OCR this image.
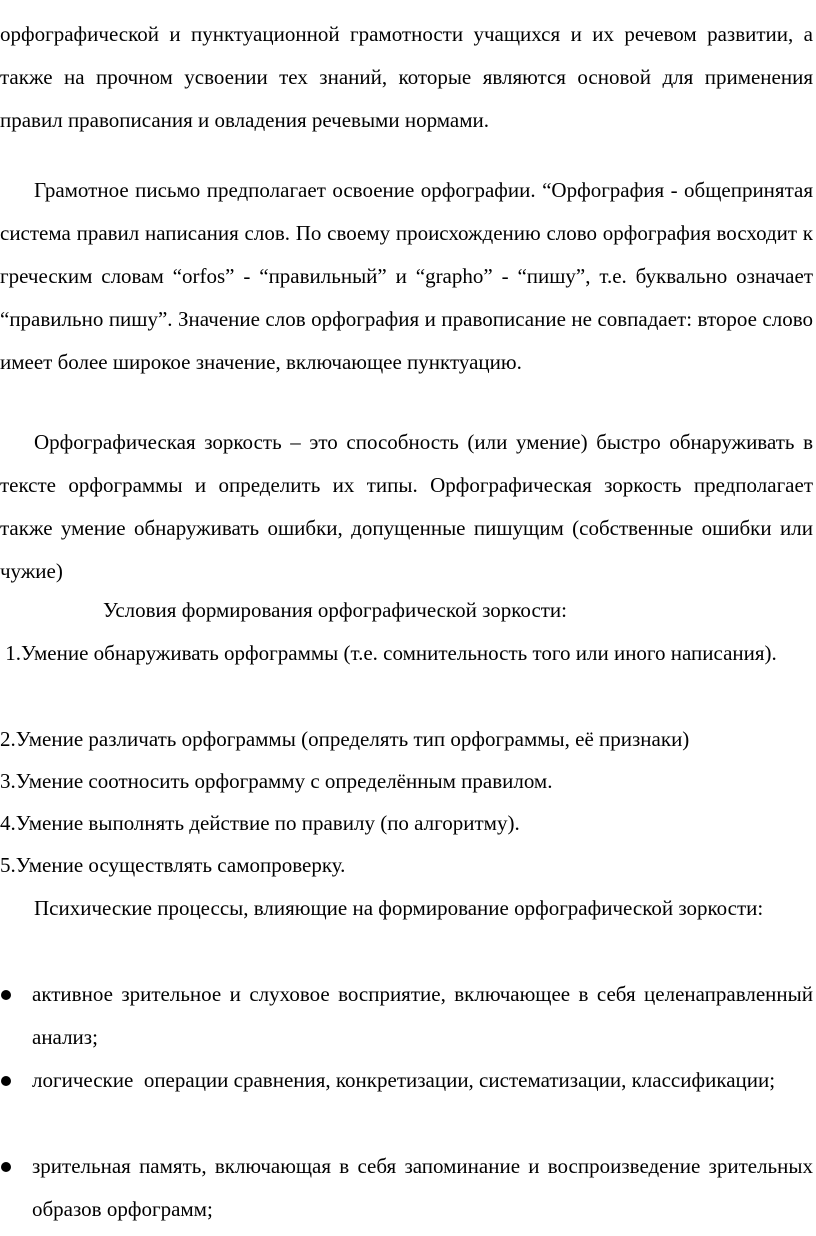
орфографической и пунктуационной грамотности учащихся и их речевом развитии, а также на прочном усвоении тех знаний, которые являются основой для применения правил правописания и овладения речевыми нормами.

Грамотное письмо предполагает освоение орфографии. “Орфография - общепринятая система правил написания слов. По своему происхождению слово орфография восходит к греческим словам “orfos” - “правильный” и “grapho” - “пишу”, т.е. буквально означает “правильно пишу”. Значение слов орфография и правописание не совпадает: второе слово имеет более широкое значение, включающее пунктуацию.

Орфографическая зоркость – это способность (или умение) быстро обнаруживать в тексте орфограммы и определить их типы. Орфографическая зоркость предполагает также умение обнаруживать ошибки, допущенные пишущим (собственные ошибки или чужие)

Условия формирования орфографической зоркости:

1.Умение обнаруживать орфограммы (т.е. сомнительность того или иного написания).

2.Умение различать орфограммы (определять тип орфограммы, её признаки)

3.Умение соотносить орфограмму с определённым правилом.

4.Умение выполнять действие по правилу (по алгоритму).

5.Умение осуществлять самопроверку.

Психические процессы, влияющие на формирование орфографической зоркости:

активное зрительное и слуховое восприятие, включающее в себя целенаправленный анализ;

логические  операции сравнения, конкретизации, систематизации, классификации;

зрительная память, включающая в себя запоминание и воспроизведение зрительных образов орфограмм;
